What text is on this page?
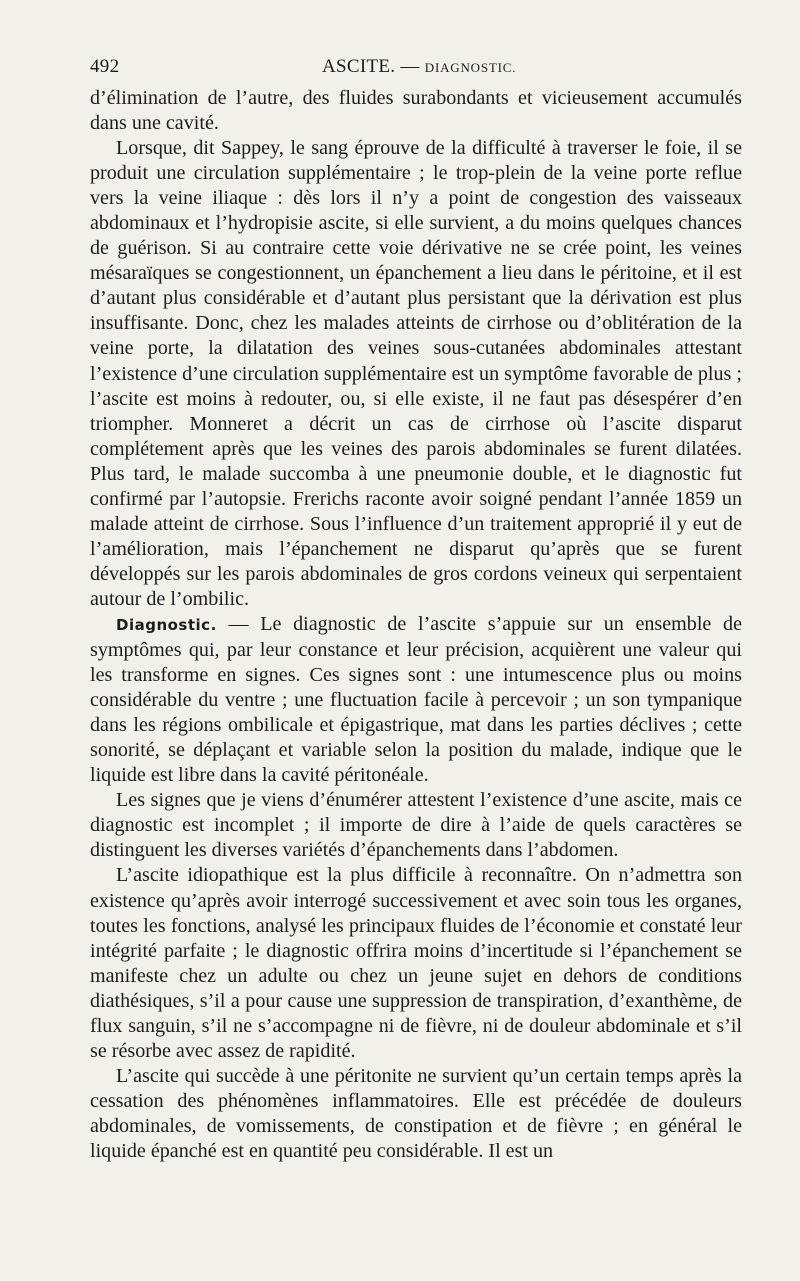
492	ASCITE. — DIAGNOSTIC.

d’élimination de l’autre, des fluides surabondants et vicieusement accumulés dans une cavité.

Lorsque, dit Sappey, le sang éprouve de la difficulté à traverser le foie, il se produit une circulation supplémentaire ; le trop-plein de la veine porte reflue vers la veine iliaque : dès lors il n’y a point de congestion des vaisseaux abdominaux et l’hydropisie ascite, si elle survient, a du moins quelques chances de guérison. Si au contraire cette voie dérivative ne se crée point, les veines mésaraïques se congestionnent, un épanchement a lieu dans le péritoine, et il est d’autant plus considérable et d’autant plus persistant que la dérivation est plus insuffisante. Donc, chez les malades atteints de cirrhose ou d’oblitération de la veine porte, la dilatation des veines sous-cutanées abdominales attestant l’existence d’une circulation supplémentaire est un symptôme favorable de plus ; l’ascite est moins à redouter, ou, si elle existe, il ne faut pas désespérer d’en triompher. Monneret a décrit un cas de cirrhose où l’ascite disparut complétement après que les veines des parois abdominales se furent dilatées. Plus tard, le malade succomba à une pneumonie double, et le diagnostic fut confirmé par l’autopsie. Frerichs raconte avoir soigné pendant l’année 1859 un malade atteint de cirrhose. Sous l’influence d’un traitement approprié il y eut de l’amélioration, mais l’épanchement ne disparut qu’après que se furent développés sur les parois abdominales de gros cordons veineux qui serpentaient autour de l’ombilic.

Diagnostic. — Le diagnostic de l’ascite s’appuie sur un ensemble de symptômes qui, par leur constance et leur précision, acquièrent une valeur qui les transforme en signes. Ces signes sont : une intumescence plus ou moins considérable du ventre ; une fluctuation facile à percevoir ; un son tympanique dans les régions ombilicale et épigastrique, mat dans les parties déclives ; cette sonorité, se déplaçant et variable selon la position du malade, indique que le liquide est libre dans la cavité péritonéale.

Les signes que je viens d’énumérer attestent l’existence d’une ascite, mais ce diagnostic est incomplet ; il importe de dire à l’aide de quels caractères se distinguent les diverses variétés d’épanchements dans l’abdomen.

L’ascite idiopathique est la plus difficile à reconnaître. On n’admettra son existence qu’après avoir interrogé successivement et avec soin tous les organes, toutes les fonctions, analysé les principaux fluides de l’économie et constaté leur intégrité parfaite ; le diagnostic offrira moins d’incertitude si l’épanchement se manifeste chez un adulte ou chez un jeune sujet en dehors de conditions diathésiques, s’il a pour cause une suppression de transpiration, d’exanthème, de flux sanguin, s’il ne s’accompagne ni de fièvre, ni de douleur abdominale et s’il se résorbe avec assez de rapidité.

L’ascite qui succède à une péritonite ne survient qu’un certain temps après la cessation des phénomènes inflammatoires. Elle est précédée de douleurs abdominales, de vomissements, de constipation et de fièvre ; en général le liquide épanché est en quantité peu considérable. Il est un
